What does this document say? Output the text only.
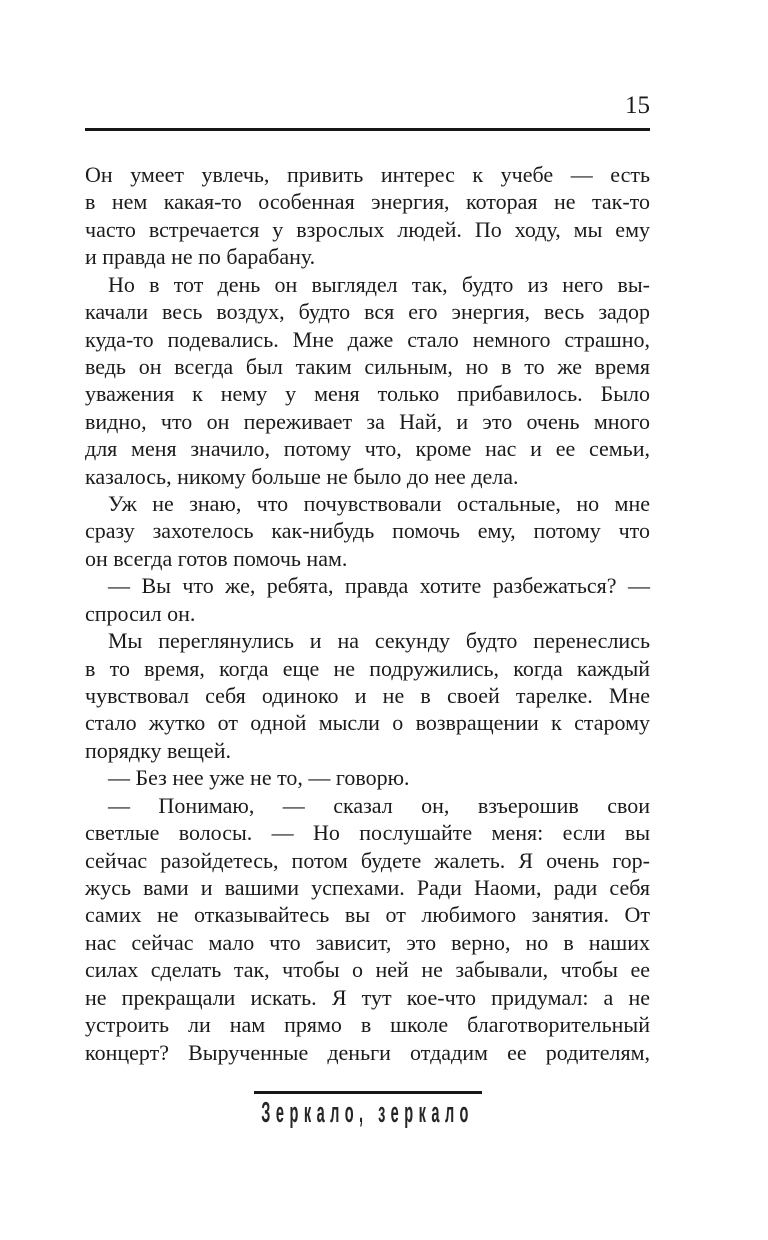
15
Он умеет увлечь, привить интерес к учебе — есть
в нем какая-то особенная энергия, которая не так-то
часто встречается у взрослых людей. По ходу, мы ему
и правда не по барабану.
Но в тот день он выглядел так, будто из него вы-
качали весь воздух, будто вся его энергия, весь задор
куда-то подевались. Мне даже стало немного страшно,
ведь он всегда был таким сильным, но в то же время
уважения к нему у меня только прибавилось. Было
видно, что он переживает за Най, и это очень много
для меня значило, потому что, кроме нас и ее семьи,
казалось, никому больше не было до нее дела.
Уж не знаю, что почувствовали остальные, но мне
сразу захотелось как-нибудь помочь ему, потому что
он всегда готов помочь нам.
— Вы что же, ребята, правда хотите разбежаться? —
спросил он.
Мы переглянулись и на секунду будто перенеслись
в то время, когда еще не подружились, когда каждый
чувствовал себя одиноко и не в своей тарелке. Мне
стало жутко от одной мысли о возвращении к старому
порядку вещей.
— Без нее уже не то, — говорю.
— Понимаю, — сказал он, взъерошив свои
светлые волосы. — Но послушайте меня: если вы
сейчас разойдетесь, потом будете жалеть. Я очень гор-
жусь вами и вашими успехами. Ради Наоми, ради себя
самих не отказывайтесь вы от любимого занятия. От
нас сейчас мало что зависит, это верно, но в наших
силах сделать так, чтобы о ней не забывали, чтобы ее
не прекращали искать. Я тут кое-что придумал: а не
устроить ли нам прямо в школе благотворительный
концерт? Вырученные деньги отдадим ее родителям,
Зеркало, зеркало
